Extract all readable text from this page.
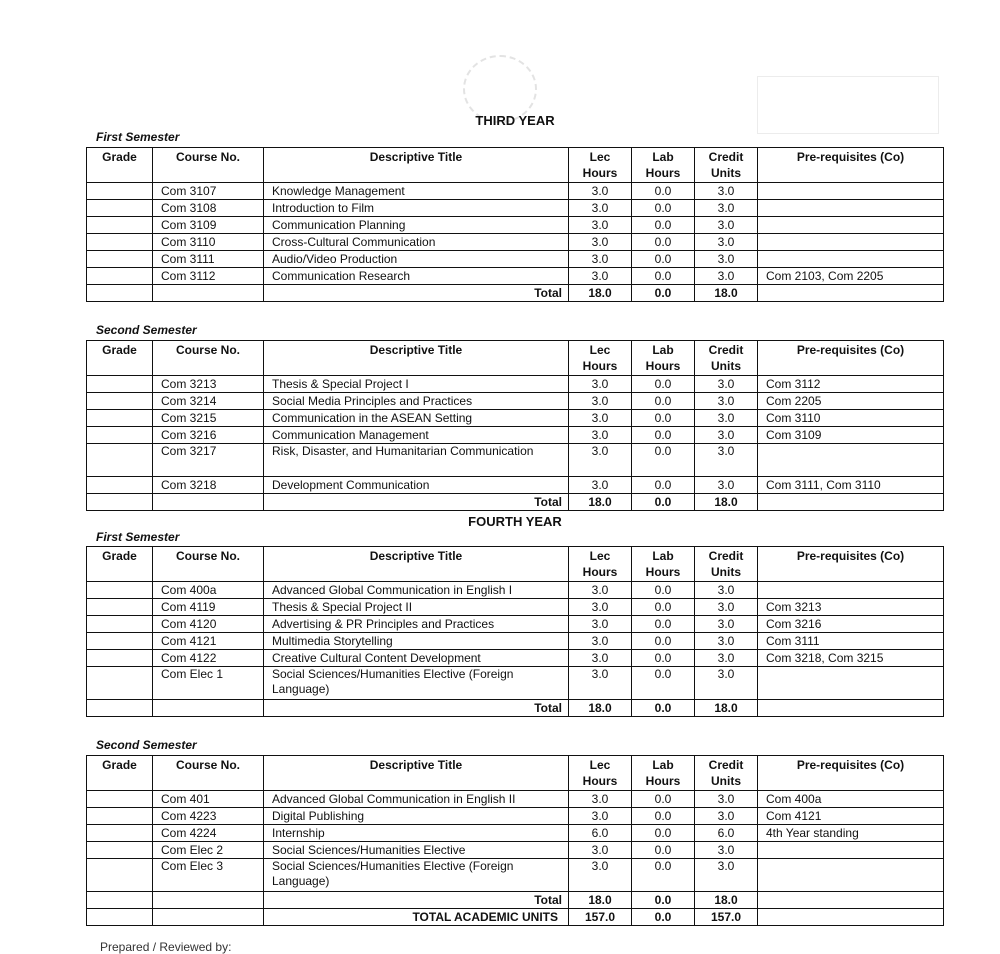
THIRD YEAR
First Semester
Grade	Course No.	Descriptive Title	Lec Hours	Lab Hours	Credit Units	Pre-requisites (Co)
	Com 3107	Knowledge Management	3.0	0.0	3.0	
	Com 3108	Introduction to Film	3.0	0.0	3.0	
	Com 3109	Communication Planning	3.0	0.0	3.0	
	Com 3110	Cross-Cultural Communication	3.0	0.0	3.0	
	Com 3111	Audio/Video Production	3.0	0.0	3.0	
	Com 3112	Communication Research	3.0	0.0	3.0	Com 2103, Com 2205
		Total	18.0	0.0	18.0	
Second Semester
Grade	Course No.	Descriptive Title	Lec Hours	Lab Hours	Credit Units	Pre-requisites (Co)
	Com 3213	Thesis & Special Project I	3.0	0.0	3.0	Com 3112
	Com 3214	Social Media Principles and Practices	3.0	0.0	3.0	Com 2205
	Com 3215	Communication in the ASEAN Setting	3.0	0.0	3.0	Com 3110
	Com 3216	Communication Management	3.0	0.0	3.0	Com 3109
	Com 3217	Risk, Disaster, and Humanitarian Communication	3.0	0.0	3.0	
	Com 3218	Development Communication	3.0	0.0	3.0	Com 3111, Com 3110
		Total	18.0	0.0	18.0	
FOURTH YEAR
First Semester
Grade	Course No.	Descriptive Title	Lec Hours	Lab Hours	Credit Units	Pre-requisites (Co)
	Com 400a	Advanced Global Communication in English I	3.0	0.0	3.0	
	Com 4119	Thesis & Special Project II	3.0	0.0	3.0	Com 3213
	Com 4120	Advertising & PR Principles and Practices	3.0	0.0	3.0	Com 3216
	Com 4121	Multimedia Storytelling	3.0	0.0	3.0	Com 3111
	Com 4122	Creative Cultural Content Development	3.0	0.0	3.0	Com 3218, Com 3215
	Com Elec 1	Social Sciences/Humanities Elective (Foreign Language)	3.0	0.0	3.0	
		Total	18.0	0.0	18.0	
Second Semester
Grade	Course No.	Descriptive Title	Lec Hours	Lab Hours	Credit Units	Pre-requisites (Co)
	Com 401	Advanced Global Communication in English II	3.0	0.0	3.0	Com 400a
	Com 4223	Digital Publishing	3.0	0.0	3.0	Com 4121
	Com 4224	Internship	6.0	0.0	6.0	4th Year standing
	Com Elec 2	Social Sciences/Humanities Elective	3.0	0.0	3.0	
	Com Elec 3	Social Sciences/Humanities Elective (Foreign Language)	3.0	0.0	3.0	
		Total	18.0	0.0	18.0	
		TOTAL ACADEMIC UNITS	157.0	0.0	157.0	
Prepared / Reviewed by:
